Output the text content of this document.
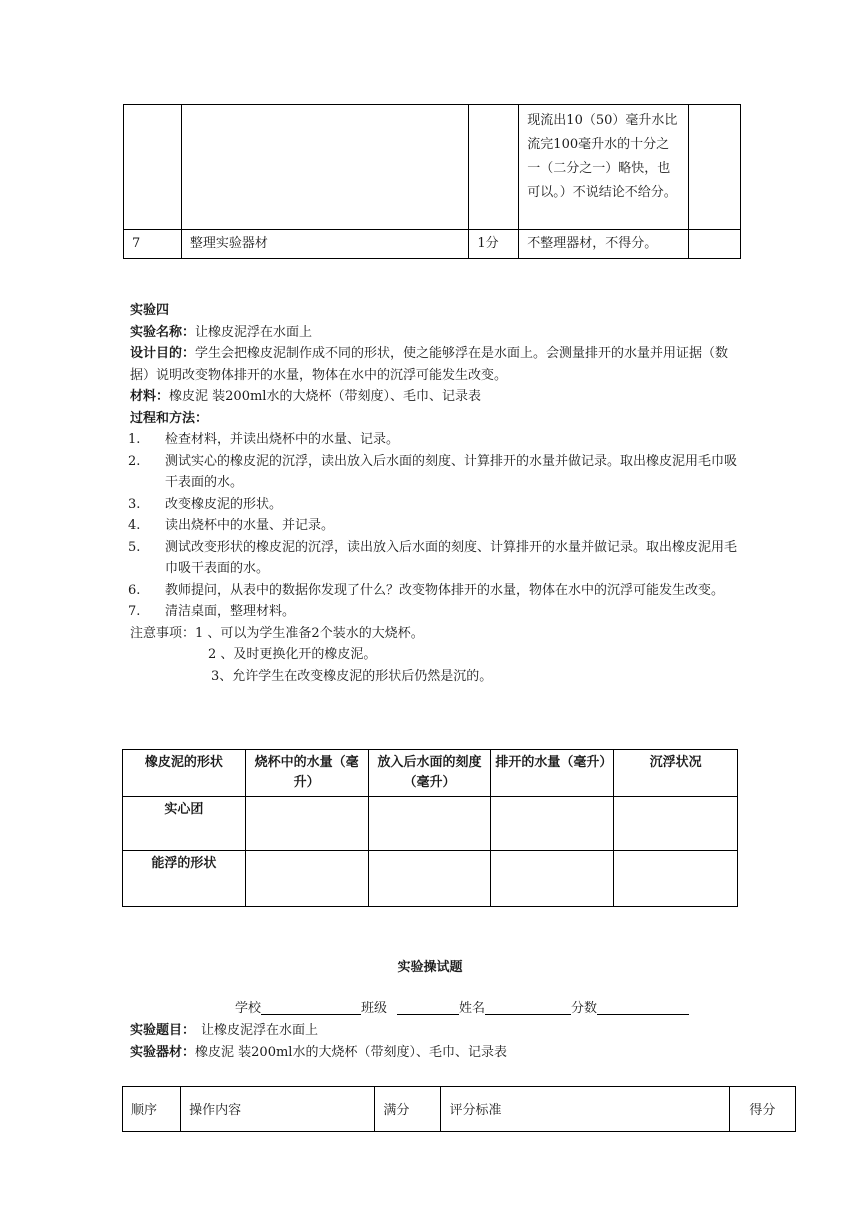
			现流出10（50）毫升水比流完100毫升水的十分之一（二分之一）略快，也可以。）不说结论不给分。	
7	整理实验器材	1分	不整理器材，不得分。	
实验四
实验名称：让橡皮泥浮在水面上
设计目的：学生会把橡皮泥制作成不同的形状，使之能够浮在是水面上。会测量排开的水量并用证据（数据）说明改变物体排开的水量，物体在水中的沉浮可能发生改变。
材料：橡皮泥 装200ml水的大烧杯（带刻度）、毛巾、记录表
过程和方法：
1.	检查材料，并读出烧杯中的水量、记录。
2.	测试实心的橡皮泥的沉浮，读出放入后水面的刻度、计算排开的水量并做记录。取出橡皮泥用毛巾吸干表面的水。
3.	改变橡皮泥的形状。
4.	读出烧杯中的水量、并记录。
5.	测试改变形状的橡皮泥的沉浮，读出放入后水面的刻度、计算排开的水量并做记录。取出橡皮泥用毛巾吸干表面的水。
6.	教师提问，从表中的数据你发现了什么？改变物体排开的水量，物体在水中的沉浮可能发生改变。
7.	清洁桌面，整理材料。
注意事项：1 、可以为学生准备2个装水的大烧杯。
2 、及时更换化开的橡皮泥。
3、允许学生在改变橡皮泥的形状后仍然是沉的。
橡皮泥的形状	烧杯中的水量（毫升）	放入后水面的刻度（毫升）	排开的水量（毫升）	沉浮状况
实心团				
能浮的形状				
实验操试题
学校	班级	姓名	分数
实验题目： 让橡皮泥浮在水面上
实验器材：橡皮泥 装200ml水的大烧杯（带刻度）、毛巾、记录表
顺序	操作内容	满分	评分标准	得分
